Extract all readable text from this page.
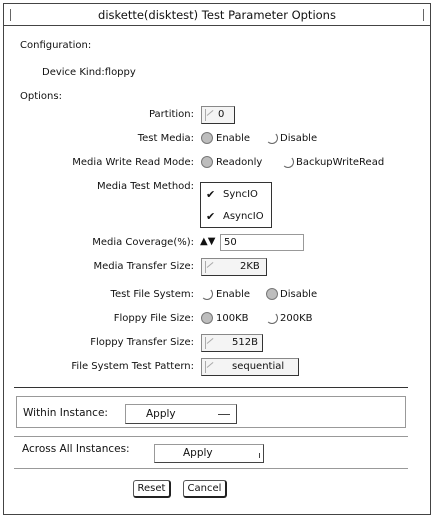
diskette(disktest) Test Parameter Options
Configuration:
Device Kind:floppy
Options:
Partition: 0
Test Media: Enable	Disable
Media Write Read Mode: Readonly	BackupWriteRead
Media Test Method:
✔ SyncIO
✔ AsyncIO
Media Coverage(%): ▲▼ 50
Media Transfer Size:	2KB
Test File System: Enable	Disable
Floppy File Size: 100KB	200KB
Floppy Transfer Size:	512B
File System Test Pattern:	sequential
Within Instance:	Apply
Across All Instances:	Apply
Reset	Cancel
